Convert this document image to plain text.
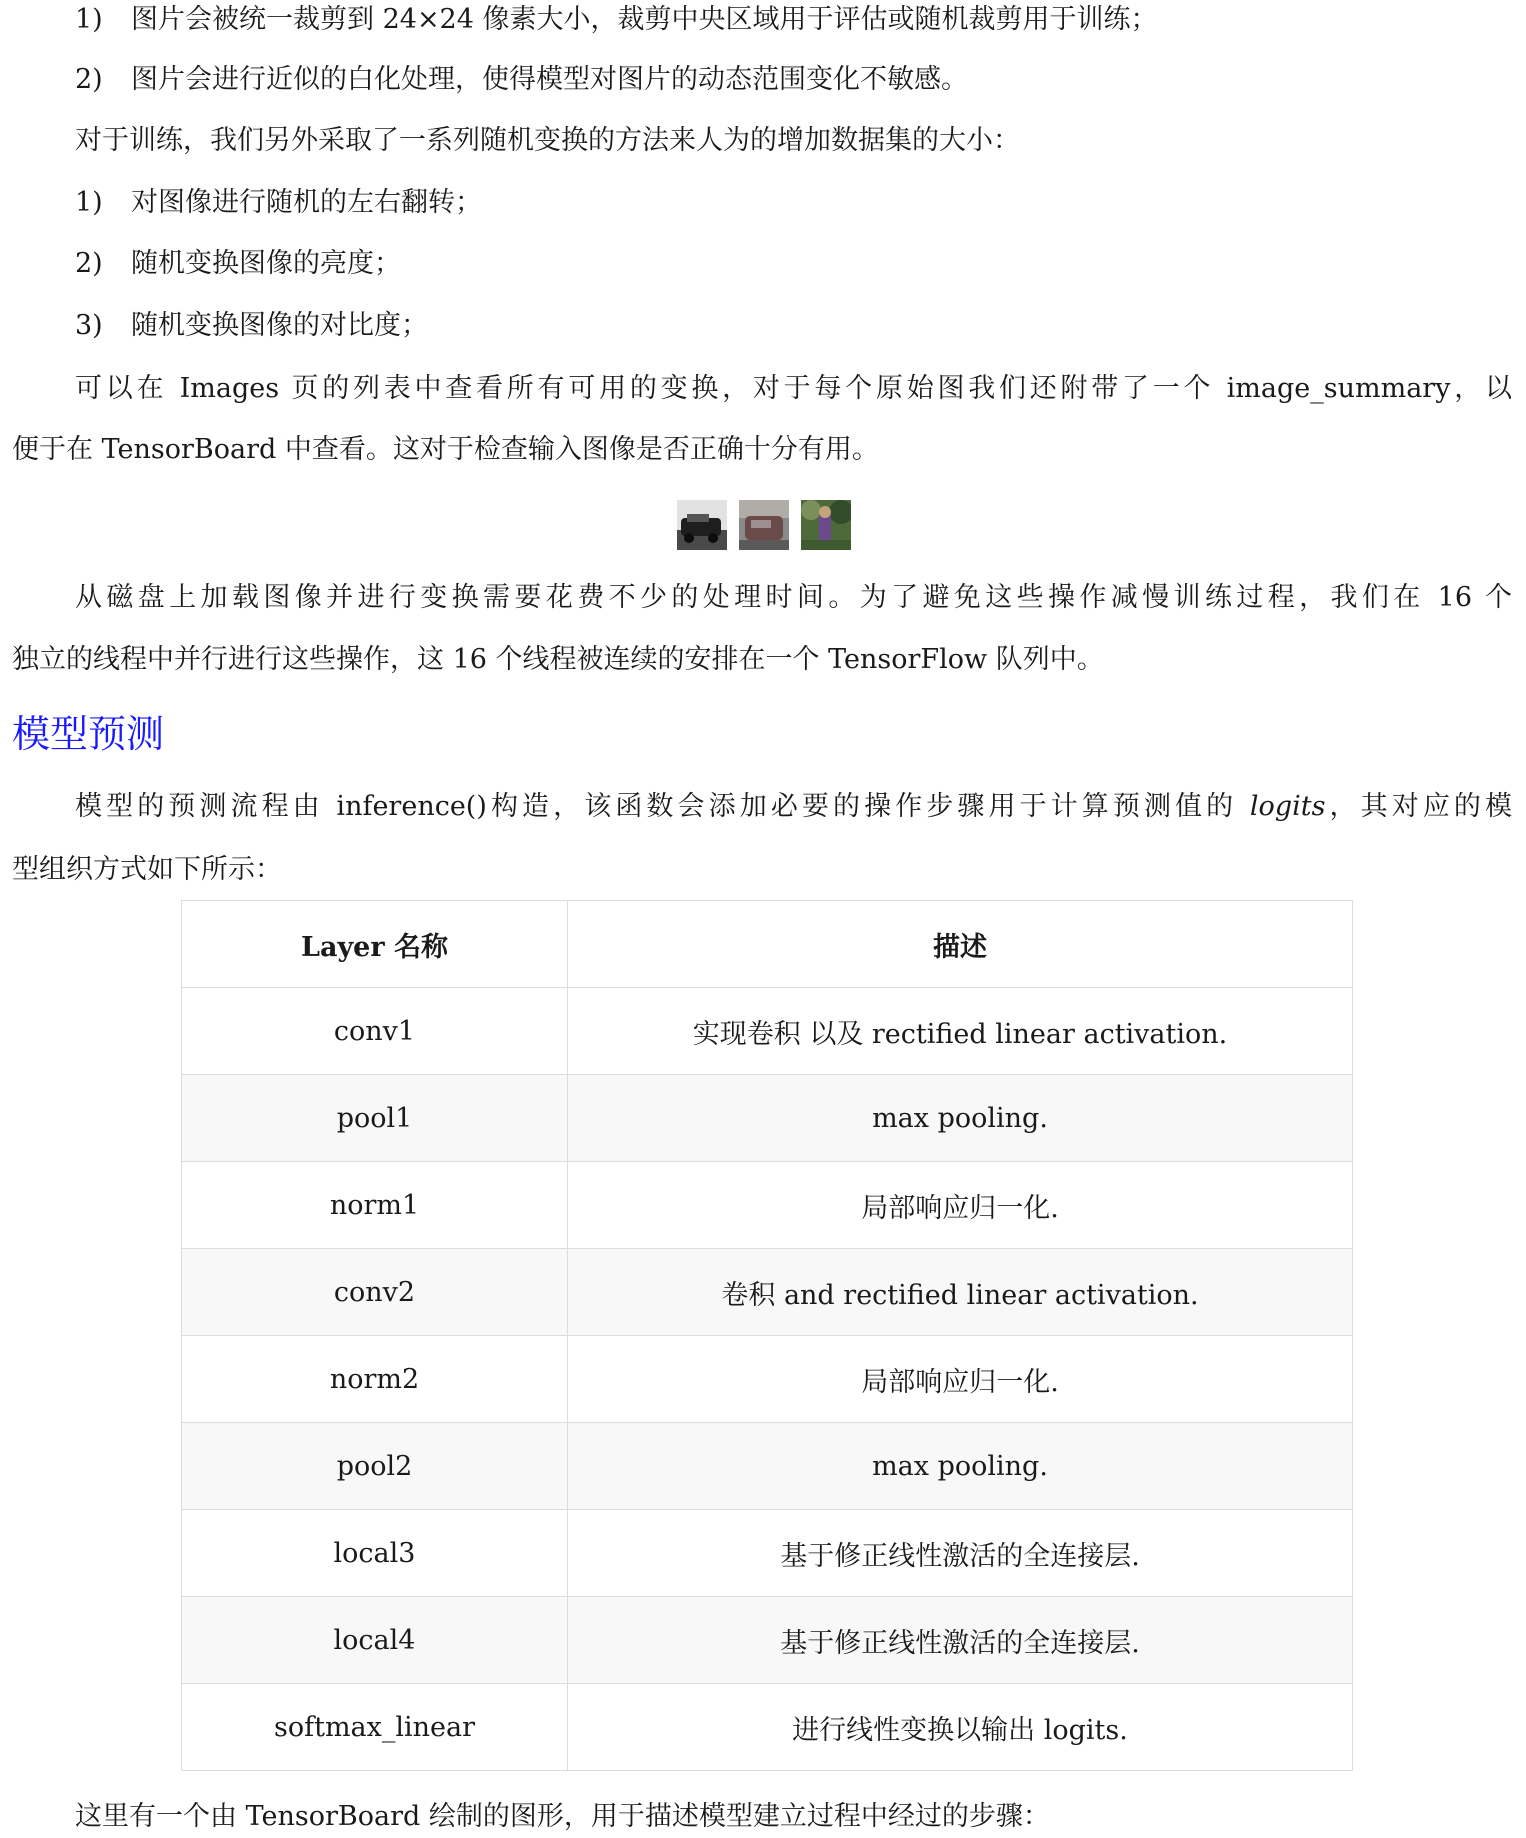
1) 图片会被统一裁剪到 24×24 像素大小，裁剪中央区域用于评估或随机裁剪用于训练；
2) 图片会进行近似的白化处理，使得模型对图片的动态范围变化不敏感。
对于训练，我们另外采取了一系列随机变换的方法来人为的增加数据集的大小：
1) 对图像进行随机的左右翻转；
2) 随机变换图像的亮度；
3) 随机变换图像的对比度；
可以在 Images 页的列表中查看所有可用的变换，对于每个原始图我们还附带了一个 image_summary，以
便于在 TensorBoard 中查看。这对于检查输入图像是否正确十分有用。
从磁盘上加载图像并进行变换需要花费不少的处理时间。为了避免这些操作减慢训练过程，我们在 16 个
独立的线程中并行进行这些操作，这 16 个线程被连续的安排在一个 TensorFlow 队列中。
模型预测
模型的预测流程由 inference()构造，该函数会添加必要的操作步骤用于计算预测值的 logits，其对应的模
型组织方式如下所示：
Layer 名称	描述
conv1	实现卷积 以及 rectified linear activation.
pool1	max pooling.
norm1	局部响应归一化.
conv2	卷积 and rectified linear activation.
norm2	局部响应归一化.
pool2	max pooling.
local3	基于修正线性激活的全连接层.
local4	基于修正线性激活的全连接层.
softmax_linear	进行线性变换以输出 logits.
这里有一个由 TensorBoard 绘制的图形，用于描述模型建立过程中经过的步骤：
